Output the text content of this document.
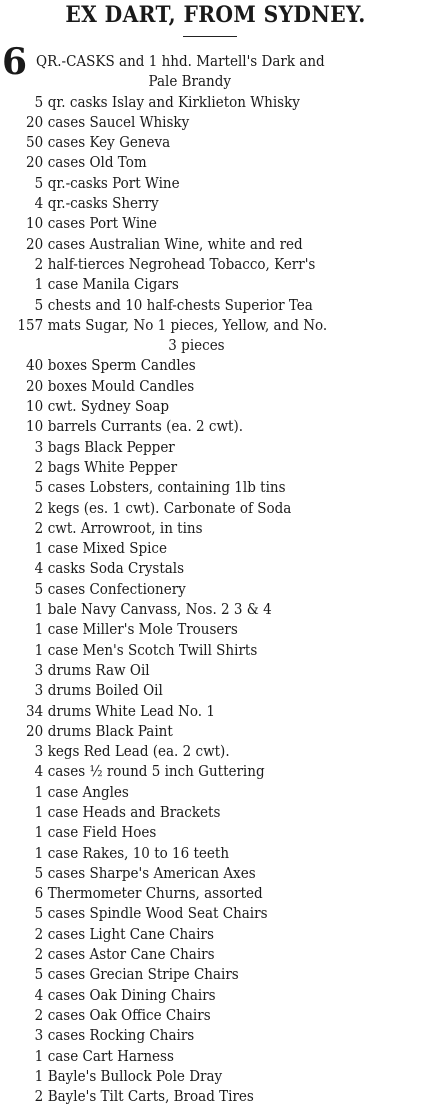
EX DART, FROM SYDNEY.
6 QR.-CASKS and 1 hhd. Martell's Dark and
Pale Brandy
5 qr. casks Islay and Kirklieton Whisky
20 cases Saucel Whisky
50 cases Key Geneva
20 cases Old Tom
5 qr.-casks Port Wine
4 qr.-casks Sherry
10 cases Port Wine
20 cases Australian Wine, white and red
2 half-tierces Negrohead Tobacco, Kerr's
1 case Manila Cigars
5 chests and 10 half-chests Superior Tea
157 mats Sugar, No 1 pieces, Yellow, and No.
3 pieces
40 boxes Sperm Candles
20 boxes Mould Candles
10 cwt. Sydney Soap
10 barrels Currants (ea. 2 cwt).
3 bags Black Pepper
2 bags White Pepper
5 cases Lobsters, containing 1lb tins
2 kegs (es. 1 cwt). Carbonate of Soda
2 cwt. Arrowroot, in tins
1 case Mixed Spice
4 casks Soda Crystals
5 cases Confectionery
1 bale Navy Canvass, Nos. 2 3 & 4
1 case Miller's Mole Trousers
1 case Men's Scotch Twill Shirts
3 drums Raw Oil
3 drums Boiled Oil
34 drums White Lead No. 1
20 drums Black Paint
3 kegs Red Lead (ea. 2 cwt).
4 cases ½ round 5 inch Guttering
1 case Angles
1 case Heads and Brackets
1 case Field Hoes
1 case Rakes, 10 to 16 teeth
5 cases Sharpe's American Axes
6 Thermometer Churns, assorted
5 cases Spindle Wood Seat Chairs
2 cases Light Cane Chairs
2 cases Astor Cane Chairs
5 cases Grecian Stripe Chairs
4 cases Oak Dining Chairs
2 cases Oak Office Chairs
3 cases Rocking Chairs
1 case Cart Harness
1 Bayle's Bullock Pole Dray
2 Bayle's Tilt Carts, Broad Tires
